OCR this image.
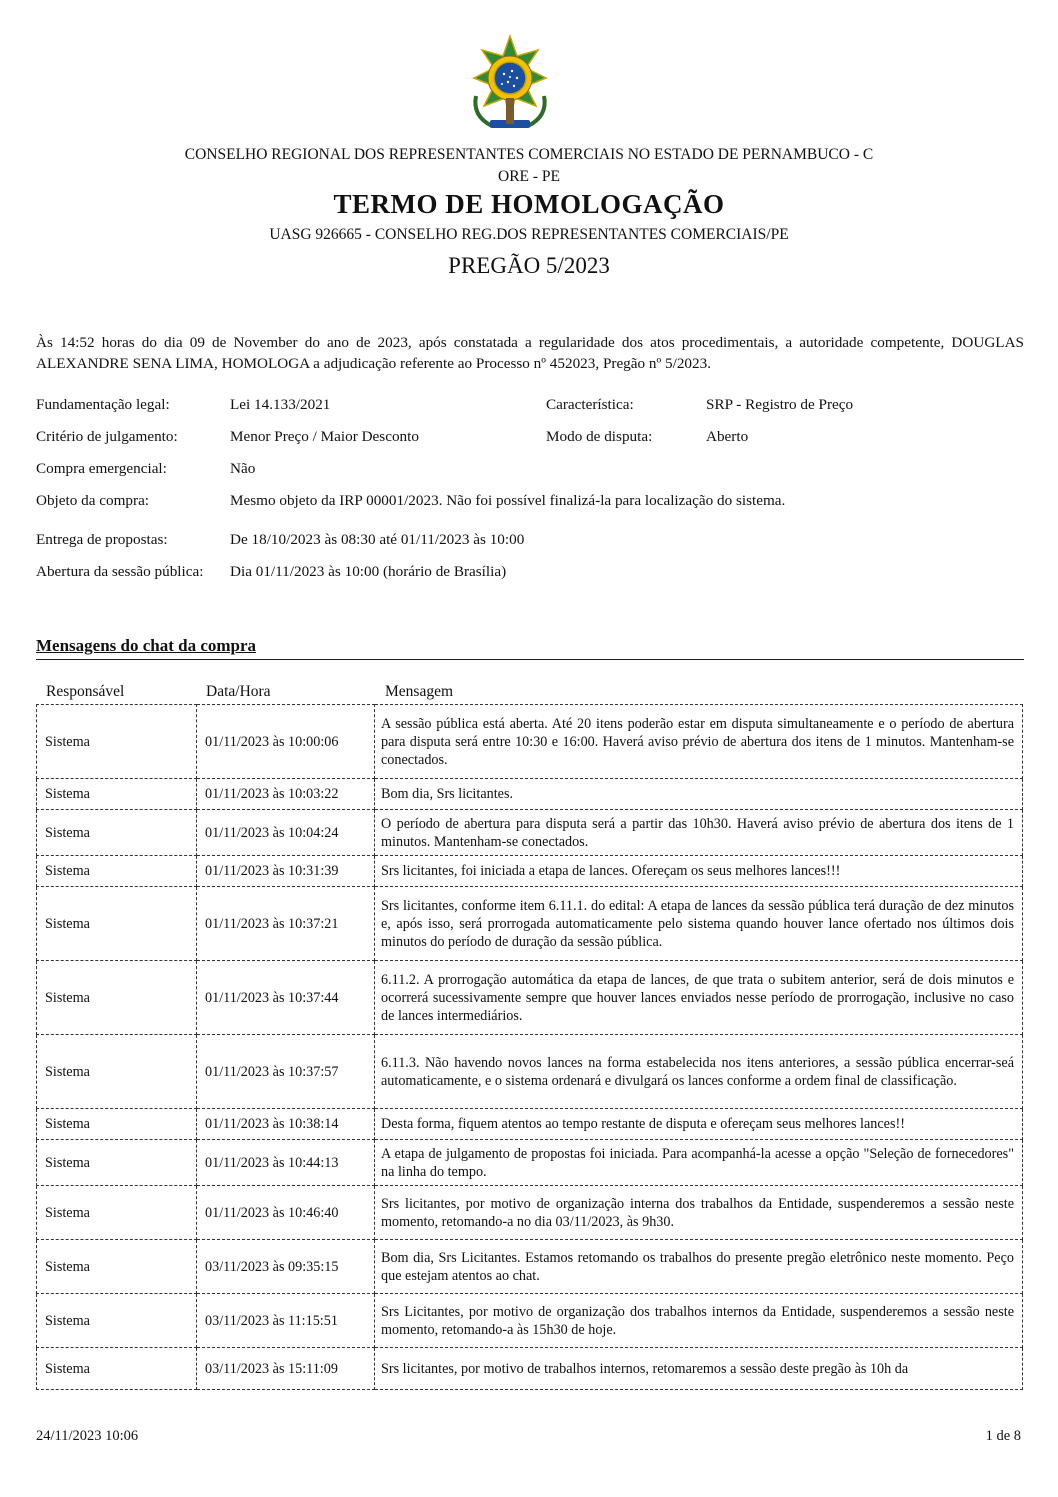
CONSELHO REGIONAL DOS REPRESENTANTES COMERCIAIS NO ESTADO DE PERNAMBUCO - C
ORE - PE
TERMO DE HOMOLOGAÇÃO
UASG 926665 - CONSELHO REG.DOS REPRESENTANTES COMERCIAIS/PE
PREGÃO 5/2023
Às 14:52 horas do dia 09 de November do ano de 2023, após constatada a regularidade dos atos procedimentais, a autoridade competente, DOUGLAS ALEXANDRE SENA LIMA, HOMOLOGA a adjudicação referente ao Processo nº 452023, Pregão nº 5/2023.
Fundamentação legal:	Lei 14.133/2021	Característica:	SRP - Registro de Preço
Critério de julgamento:	Menor Preço / Maior Desconto	Modo de disputa:	Aberto
Compra emergencial:	Não
Objeto da compra:	Mesmo objeto da IRP 00001/2023. Não foi possível finalizá-la para localização do sistema.
Entrega de propostas:	De 18/10/2023 às 08:30 até 01/11/2023 às 10:00
Abertura da sessão pública: Dia 01/11/2023 às 10:00 (horário de Brasília)
Mensagens do chat da compra
Responsável	Data/Hora	Mensagem
Sistema	01/11/2023 às 10:00:06	A sessão pública está aberta. Até 20 itens poderão estar em disputa simultaneamente e o período de abertura para disputa será entre 10:30 e 16:00. Haverá aviso prévio de abertura dos itens de 1 minutos. Mantenham-se conectados.
Sistema	01/11/2023 às 10:03:22	Bom dia, Srs licitantes.
Sistema	01/11/2023 às 10:04:24	O período de abertura para disputa será a partir das 10h30. Haverá aviso prévio de abertura dos itens de 1 minutos. Mantenham-se conectados.
Sistema	01/11/2023 às 10:31:39	Srs licitantes, foi iniciada a etapa de lances. Ofereçam os seus melhores lances!!!
Sistema	01/11/2023 às 10:37:21	Srs licitantes, conforme item 6.11.1. do edital: A etapa de lances da sessão pública terá duração de dez minutos e, após isso, será prorrogada automaticamente pelo sistema quando houver lance ofertado nos últimos dois minutos do período de duração da sessão pública.
Sistema	01/11/2023 às 10:37:44	6.11.2. A prorrogação automática da etapa de lances, de que trata o subitem anterior, será de dois minutos e ocorrerá sucessivamente sempre que houver lances enviados nesse período de prorrogação, inclusive no caso de lances intermediários.
Sistema	01/11/2023 às 10:37:57	6.11.3. Não havendo novos lances na forma estabelecida nos itens anteriores, a sessão pública encerrar-seá automaticamente, e o sistema ordenará e divulgará os lances conforme a ordem final de classificação.
Sistema	01/11/2023 às 10:38:14	Desta forma, fiquem atentos ao tempo restante de disputa e ofereçam seus melhores lances!!
Sistema	01/11/2023 às 10:44:13	A etapa de julgamento de propostas foi iniciada. Para acompanhá-la acesse a opção "Seleção de fornecedores" na linha do tempo.
Sistema	01/11/2023 às 10:46:40	Srs licitantes, por motivo de organização interna dos trabalhos da Entidade, suspenderemos a sessão neste momento, retomando-a no dia 03/11/2023, às 9h30.
Sistema	03/11/2023 às 09:35:15	Bom dia, Srs Licitantes. Estamos retomando os trabalhos do presente pregão eletrônico neste momento. Peço que estejam atentos ao chat.
Sistema	03/11/2023 às 11:15:51	Srs Licitantes, por motivo de organização dos trabalhos internos da Entidade, suspenderemos a sessão neste momento, retomando-a às 15h30 de hoje.
Sistema	03/11/2023 às 15:11:09	Srs licitantes, por motivo de trabalhos internos, retomaremos a sessão deste pregão às 10h da
24/11/2023 10:06	1 de 8
